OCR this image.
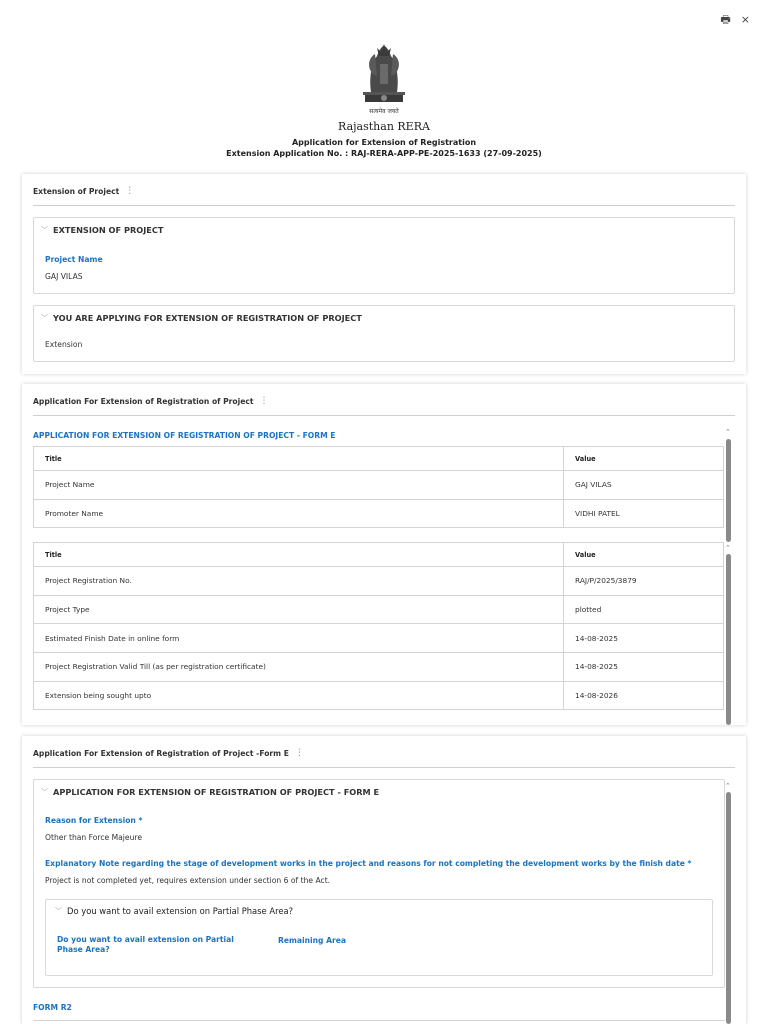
🖶 ×
सत्यमेव जयते
Rajasthan RERA
Application for Extension of Registration
Extension Application No. : RAJ-RERA-APP-PE-2025-1633 (27-09-2025)
Extension of Project ⋮
﹀ EXTENSION OF PROJECT
Project Name
GAJ VILAS
﹀ YOU ARE APPLYING FOR EXTENSION OF REGISTRATION OF PROJECT
Extension
Application For Extension of Registration of Project ⋮
APPLICATION FOR EXTENSION OF REGISTRATION OF PROJECT - FORM E
Title	Value
Project Name	GAJ VILAS
Promoter Name	VIDHI PATEL
⌃
Title	Value
Project Registration No.	RAJ/P/2025/3879
Project Type	plotted
Estimated Finish Date in online form	14-08-2025
Project Registration Valid Till (as per registration certificate)	14-08-2025
Extension being sought upto	14-08-2026
⌃
Application For Extension of Registration of Project -Form E ⋮
﹀ APPLICATION FOR EXTENSION OF REGISTRATION OF PROJECT - FORM E
Reason for Extension *
Other than Force Majeure
Explanatory Note regarding the stage of development works in the project and reasons for not completing the development works by the finish date *
Project is not completed yet, requires extension under section 6 of the Act.
﹀ Do you want to avail extension on Partial Phase Area?
Do you want to avail extension on Partial Phase Area?
Remaining Area
⌃
FORM R2
